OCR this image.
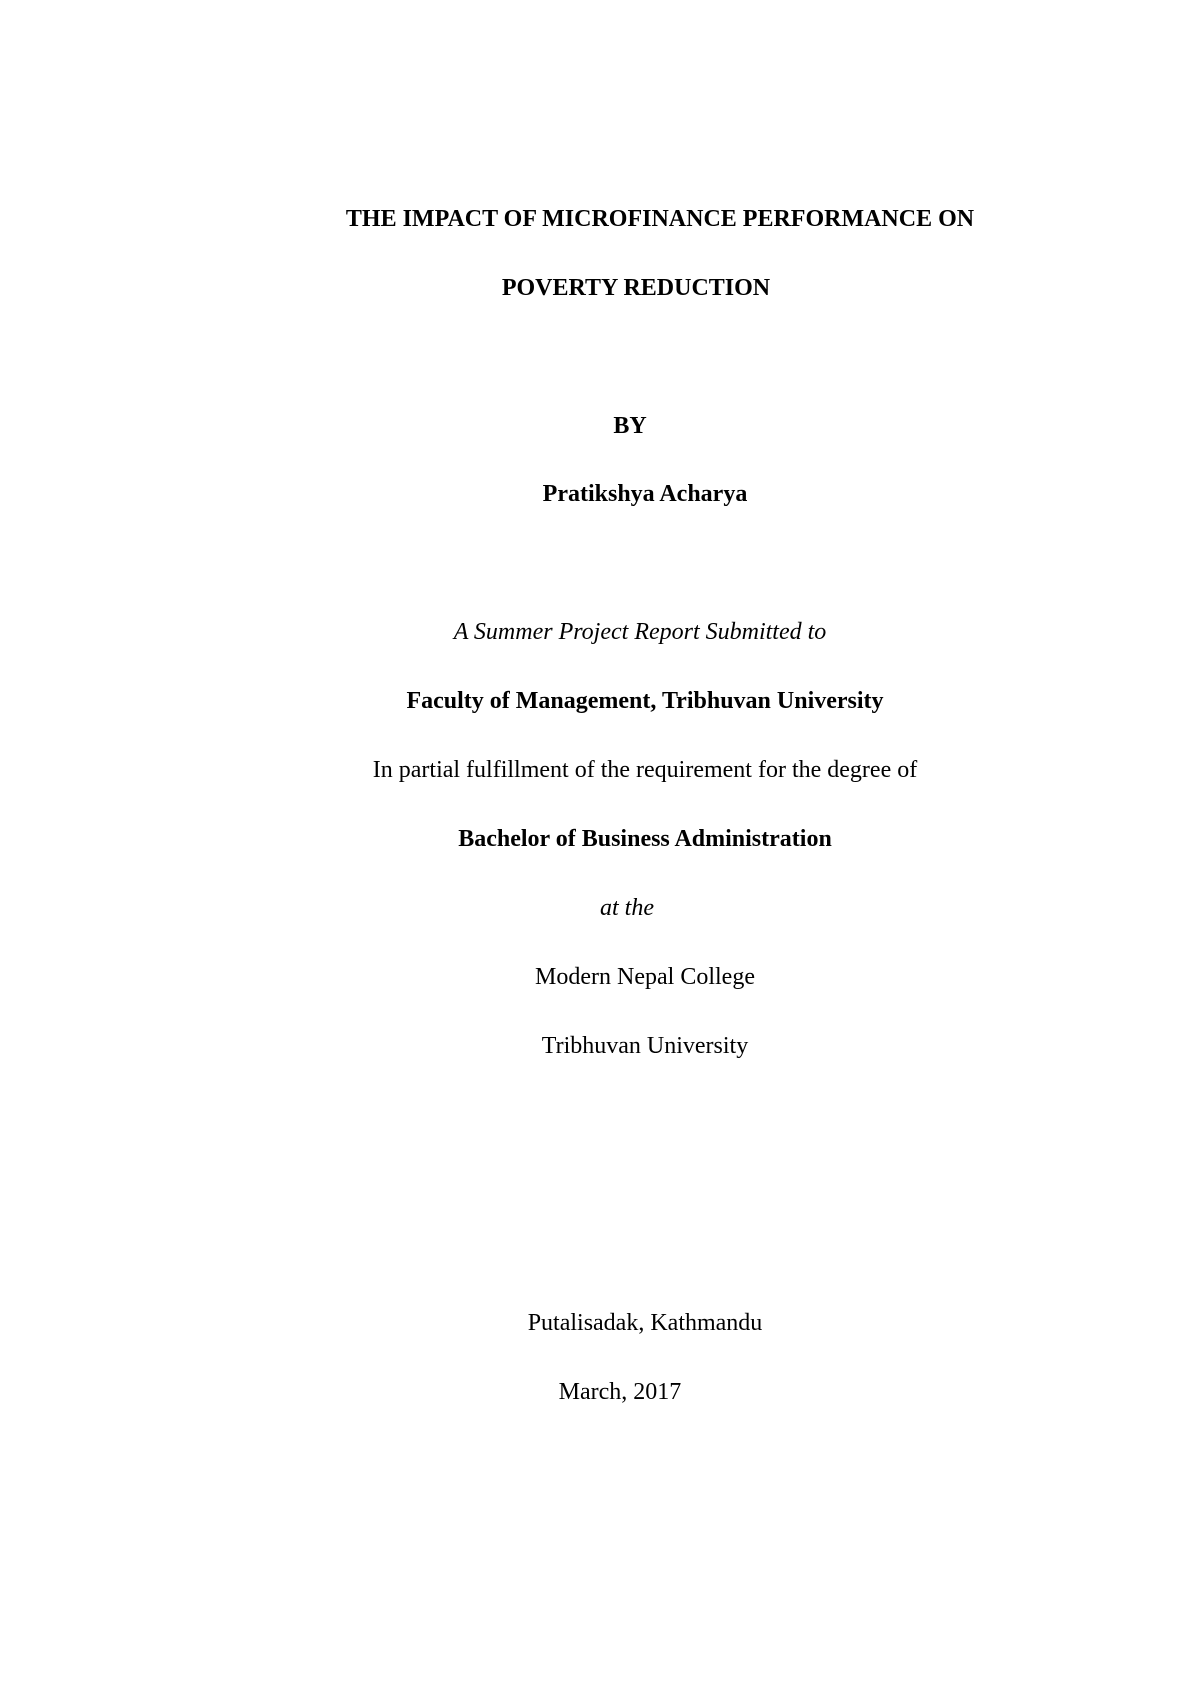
THE IMPACT OF MICROFINANCE PERFORMANCE ON
POVERTY REDUCTION
BY
Pratikshya Acharya
A Summer Project Report Submitted to
Faculty of Management, Tribhuvan University
In partial fulfillment of the requirement for the degree of
Bachelor of Business Administration
at the
Modern Nepal College
Tribhuvan University
Putalisadak, Kathmandu
March, 2017
